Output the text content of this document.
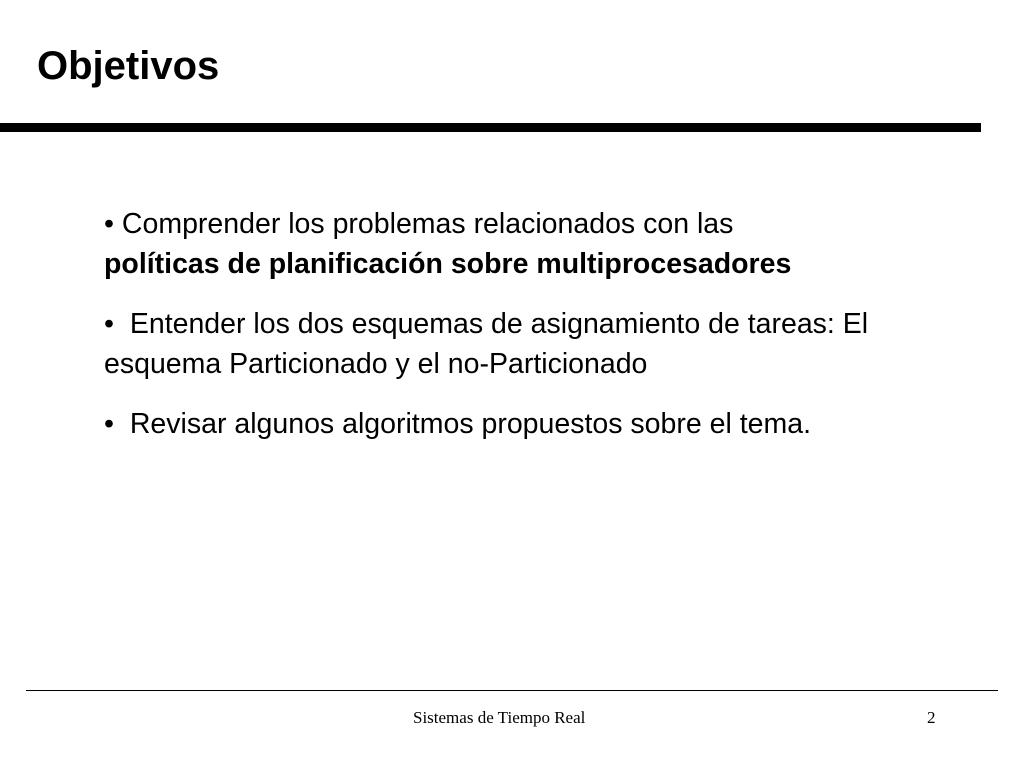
Objetivos
• Comprender los problemas relacionados con las
políticas de planificación sobre multiprocesadores
• Entender los dos esquemas de asignamiento de tareas: El esquema Particionado y el no-Particionado
• Revisar algunos algoritmos propuestos sobre el tema.
Sistemas de Tiempo Real	2
